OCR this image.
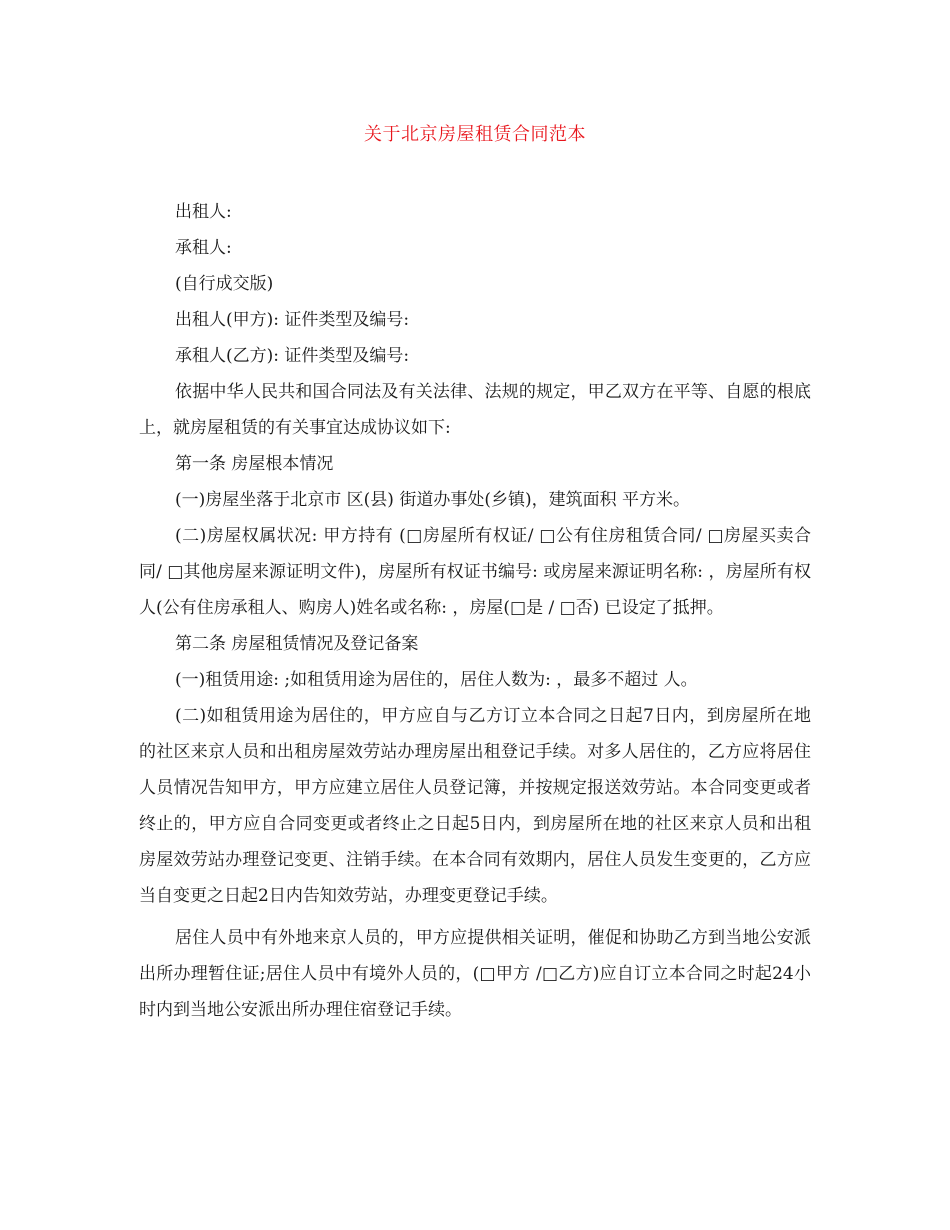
关于北京房屋租赁合同范本

出租人:

承租人:

(自行成交版)

出租人(甲方): 证件类型及编号:

承租人(乙方): 证件类型及编号:

依据中华人民共和国合同法及有关法律、法规的规定，甲乙双方在平等、自愿的根底上，就房屋租赁的有关事宜达成协议如下:

第一条 房屋根本情况

(一)房屋坐落于北京市 区(县) 街道办事处(乡镇)，建筑面积 平方米。

(二)房屋权属状况: 甲方持有 (□房屋所有权证/ □公有住房租赁合同/ □房屋买卖合同/ □其他房屋来源证明文件)，房屋所有权证书编号: 或房屋来源证明名称: ，房屋所有权人(公有住房承租人、购房人)姓名或名称: ，房屋(□是 / □否) 已设定了抵押。

第二条 房屋租赁情况及登记备案

(一)租赁用途: ;如租赁用途为居住的，居住人数为: ，最多不超过 人。

(二)如租赁用途为居住的，甲方应自与乙方订立本合同之日起7日内，到房屋所在地的社区来京人员和出租房屋效劳站办理房屋出租登记手续。对多人居住的，乙方应将居住人员情况告知甲方，甲方应建立居住人员登记簿，并按规定报送效劳站。本合同变更或者终止的，甲方应自合同变更或者终止之日起5日内，到房屋所在地的社区来京人员和出租房屋效劳站办理登记变更、注销手续。在本合同有效期内，居住人员发生变更的，乙方应当自变更之日起2日内告知效劳站，办理变更登记手续。

居住人员中有外地来京人员的，甲方应提供相关证明，催促和协助乙方到当地公安派出所办理暂住证;居住人员中有境外人员的，(□甲方 /□乙方)应自订立本合同之时起24小时内到当地公安派出所办理住宿登记手续。
